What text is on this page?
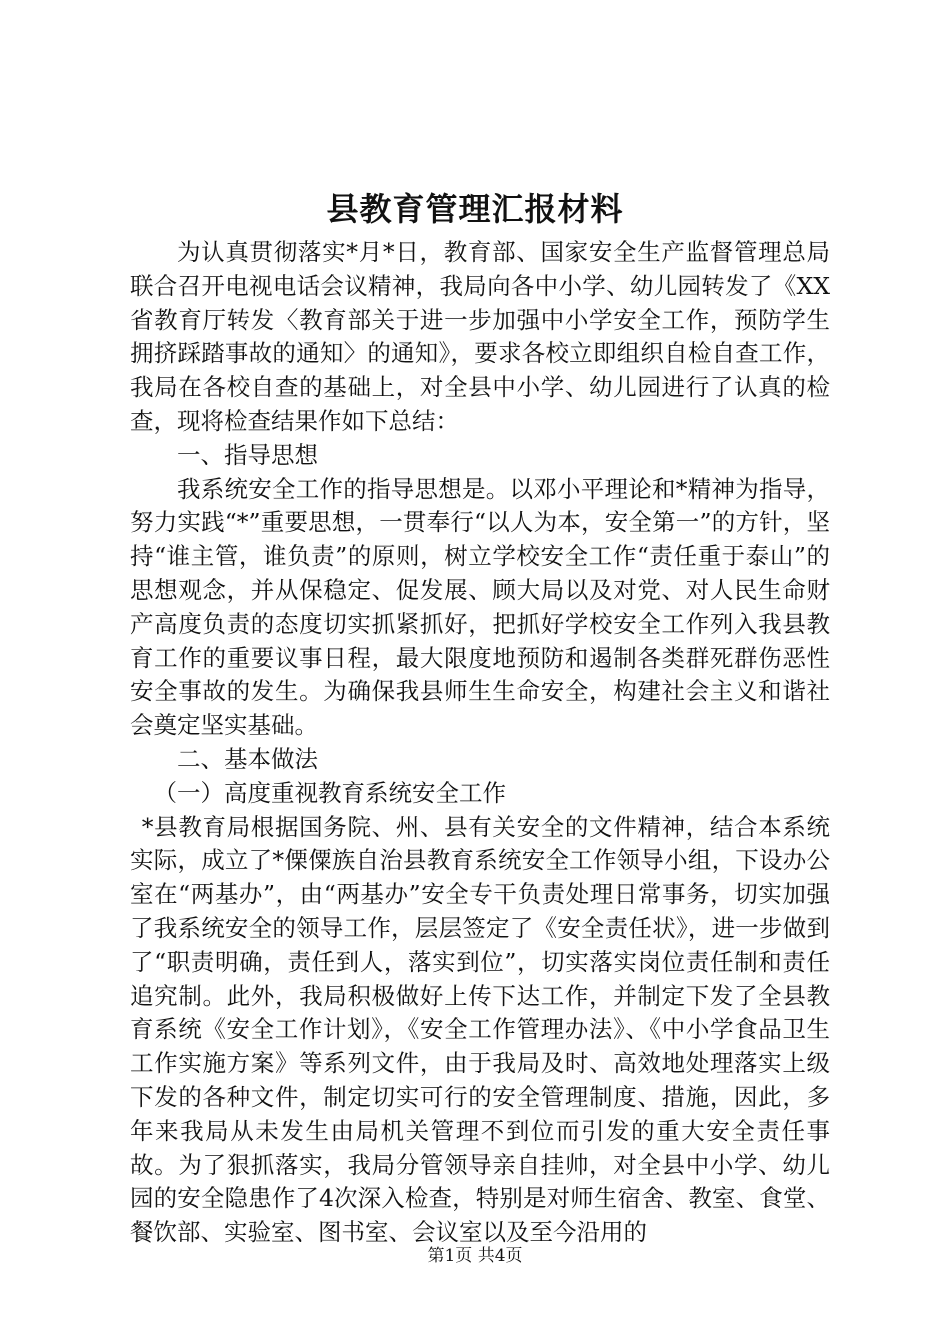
县教育管理汇报材料

为认真贯彻落实*月*日，教育部、国家安全生产监督管理总局联合召开电视电话会议精神，我局向各中小学、幼儿园转发了《XX省教育厅转发〈教育部关于进一步加强中小学安全工作，预防学生拥挤踩踏事故的通知〉的通知》，要求各校立即组织自检自查工作，我局在各校自查的基础上，对全县中小学、幼儿园进行了认真的检查，现将检查结果作如下总结：

一、指导思想

我系统安全工作的指导思想是。以邓小平理论和*精神为指导，努力实践“*”重要思想，一贯奉行“以人为本，安全第一”的方针，坚持“谁主管，谁负责”的原则，树立学校安全工作“责任重于泰山”的思想观念，并从保稳定、促发展、顾大局以及对党、对人民生命财产高度负责的态度切实抓紧抓好，把抓好学校安全工作列入我县教育工作的重要议事日程，最大限度地预防和遏制各类群死群伤恶性安全事故的发生。为确保我县师生生命安全，构建社会主义和谐社会奠定坚实基础。

二、基本做法

（一）高度重视教育系统安全工作

*县教育局根据国务院、州、县有关安全的文件精神，结合本系统实际，成立了*傈僳族自治县教育系统安全工作领导小组，下设办公室在“两基办”，由“两基办”安全专干负责处理日常事务，切实加强了我系统安全的领导工作，层层签定了《安全责任状》，进一步做到了“职责明确，责任到人，落实到位”，切实落实岗位责任制和责任追究制。此外，我局积极做好上传下达工作，并制定下发了全县教育系统《安全工作计划》，《安全工作管理办法》、《中小学食品卫生工作实施方案》等系列文件，由于我局及时、高效地处理落实上级下发的各种文件，制定切实可行的安全管理制度、措施，因此，多年来我局从未发生由局机关管理不到位而引发的重大安全责任事故。为了狠抓落实，我局分管领导亲自挂帅，对全县中小学、幼儿园的安全隐患作了4次深入检查，特别是对师生宿舍、教室、食堂、餐饮部、实验室、图书室、会议室以及至今沿用的

第1页 共4页
